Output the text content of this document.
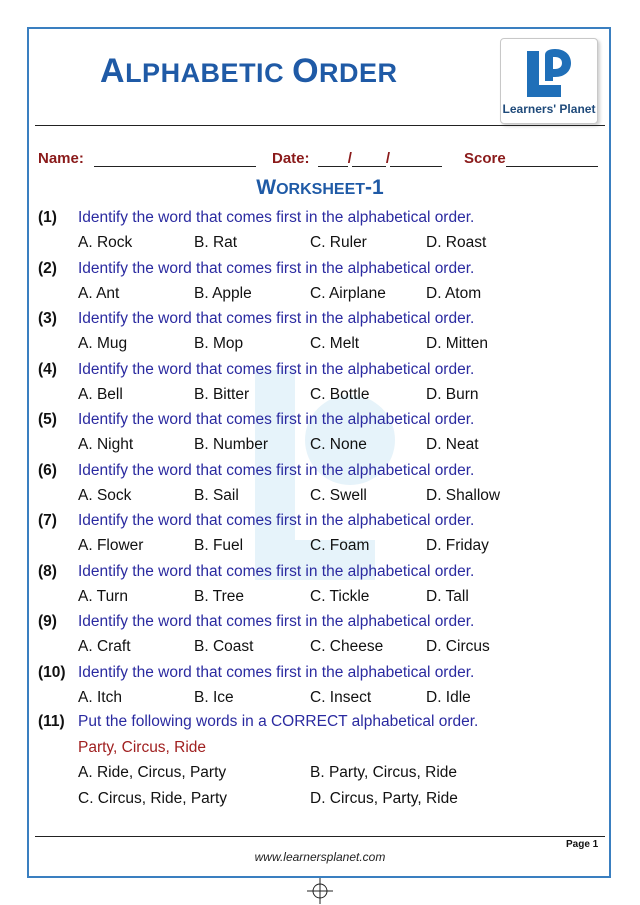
ALPHABETIC ORDER
Learners' Planet
Name:	Date:	/ /	Score
WORKSHEET-1
(1) Identify the word that comes first in the alphabetical order.
A. Rock	B. Rat	C. Ruler	D. Roast
(2) Identify the word that comes first in the alphabetical order.
A. Ant	B. Apple	C. Airplane	D. Atom
(3) Identify the word that comes first in the alphabetical order.
A. Mug	B. Mop	C. Melt	D. Mitten
(4) Identify the word that comes first in the alphabetical order.
A. Bell	B. Bitter	C. Bottle	D. Burn
(5) Identify the word that comes first in the alphabetical order.
A. Night	B. Number	C. None	D. Neat
(6) Identify the word that comes first in the alphabetical order.
A. Sock	B. Sail	C. Swell	D. Shallow
(7) Identify the word that comes first in the alphabetical order.
A. Flower	B. Fuel	C. Foam	D. Friday
(8) Identify the word that comes first in the alphabetical order.
A. Turn	B. Tree	C. Tickle	D. Tall
(9) Identify the word that comes first in the alphabetical order.
A. Craft	B. Coast	C. Cheese	D. Circus
(10) Identify the word that comes first in the alphabetical order.
A. Itch	B. Ice	C. Insect	D. Idle
(11) Put the following words in a CORRECT alphabetical order.
Party, Circus, Ride
A. Ride, Circus, Party	B. Party, Circus, Ride
C. Circus, Ride, Party	D. Circus, Party, Ride
Page 1
www.learnersplanet.com
